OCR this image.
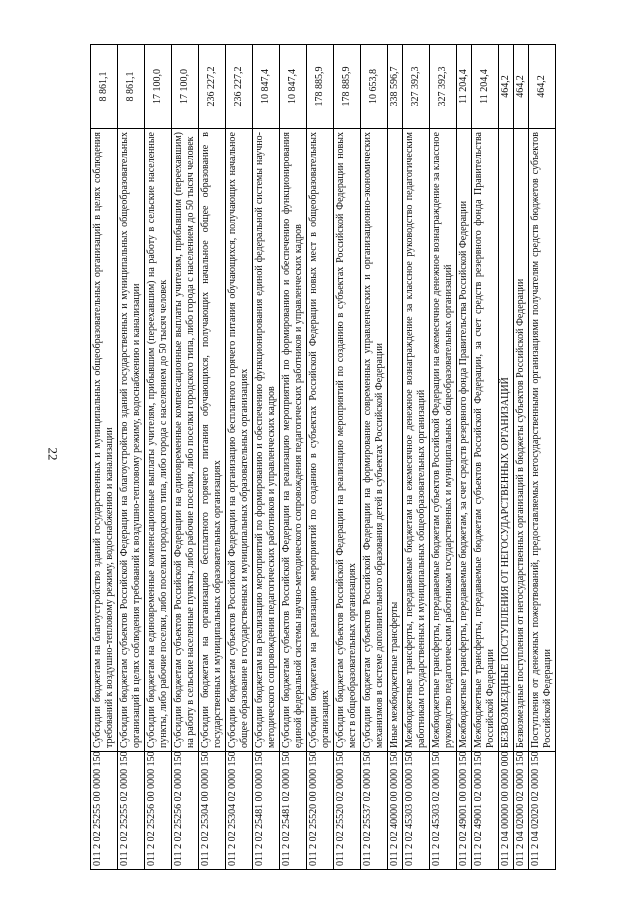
22
011 2 02 25255 00 0000 150	Субсидии бюджетам на благоустройство зданий государственных и муниципальных общеобразовательных организаций в целях соблюдения требований к воздушно-тепловому режиму, водоснабжению и канализации	8 861,1
011 2 02 25255 02 0000 150	Субсидии бюджетам субъектов Российской Федерации на благоустройство зданий государственных и муниципальных общеобразовательных организаций в целях соблюдения требований к воздушно-тепловому режиму, водоснабжению и канализации	8 861,1
011 2 02 25256 00 0000 150	Субсидии бюджетам на единовременные компенсационные выплаты учителям, прибывшим (переехавшим) на работу в сельские населенные пункты, либо рабочие поселки, либо поселки городского типа, либо города с населением до 50 тысяч человек	17 100,0
011 2 02 25256 02 0000 150	Субсидии бюджетам субъектов Российской Федерации на единовременные компенсационные выплаты учителям, прибывшим (переехавшим) на работу в сельские населенные пункты, либо рабочие поселки, либо поселки городского типа, либо города с населением до 50 тысяч человек	17 100,0
011 2 02 25304 00 0000 150	Субсидии бюджетам на организацию бесплатного горячего питания обучающихся, получающих начальное общее образование в государственных и муниципальных образовательных организациях	236 227,2
011 2 02 25304 02 0000 150	Субсидии бюджетам субъектов Российской Федерации на организацию бесплатного горячего питания обучающихся, получающих начальное общее образование в государственных и муниципальных образовательных организациях	236 227,2
011 2 02 25481 00 0000 150	Субсидии бюджетам на реализацию мероприятий по формированию и обеспечению функционирования единой федеральной системы научно-методического сопровождения педагогических работников и управленческих кадров	10 847,4
011 2 02 25481 02 0000 150	Субсидии бюджетам субъектов Российской Федерации на реализацию мероприятий по формированию и обеспечению функционирования единой федеральной системы научно-методического сопровождения педагогических работников и управленческих кадров	10 847,4
011 2 02 25520 00 0000 150	Субсидии бюджетам на реализацию мероприятий по созданию в субъектах Российской Федерации новых мест в общеобразовательных организациях	178 885,9
011 2 02 25520 02 0000 150	Субсидии бюджетам субъектов Российской Федерации на реализацию мероприятий по созданию в субъектах Российской Федерации новых мест в общеобразовательных организациях	178 885,9
011 2 02 25537 02 0000 150	Субсидии бюджетам субъектов Российской Федерации на формирование современных управленческих и организационно-экономических механизмов в системе дополнительного образования детей в субъектах Российской Федерации	10 653,8
011 2 02 40000 00 0000 150	Иные межбюджетные трансферты	338 596,7
011 2 02 45303 00 0000 150	Межбюджетные трансферты, передаваемые бюджетам на ежемесячное денежное вознаграждение за классное руководство педагогическим работникам государственных и муниципальных общеобразовательных организаций	327 392,3
011 2 02 45303 02 0000 150	Межбюджетные трансферты, передаваемые бюджетам субъектов Российской Федерации на ежемесячное денежное вознаграждение за классное руководство педагогическим работникам государственных и муниципальных общеобразовательных организаций	327 392,3
011 2 02 49001 00 0000 150	Межбюджетные трансферты, передаваемые бюджетам, за счет средств резервного фонда Правительства Российской Федерации	11 204,4
011 2 02 49001 02 0000 150	Межбюджетные трансферты, передаваемые бюджетам субъектов Российской Федерации, за счет средств резервного фонда Правительства Российской Федерации	11 204,4
011 2 04 00000 00 0000 000	БЕЗВОЗМЕЗДНЫЕ ПОСТУПЛЕНИЯ ОТ НЕГОСУДАРСТВЕННЫХ ОРГАНИЗАЦИЙ	464,2
011 2 04 02000 02 0000 150	Безвозмездные поступления от негосударственных организаций в бюджеты субъектов Российской Федерации	464,2
011 2 04 02020 02 0000 150	Поступления от денежных пожертвований, предоставляемых негосударственными организациями получателям средств бюджетов субъектов Российской Федерации	464,2
